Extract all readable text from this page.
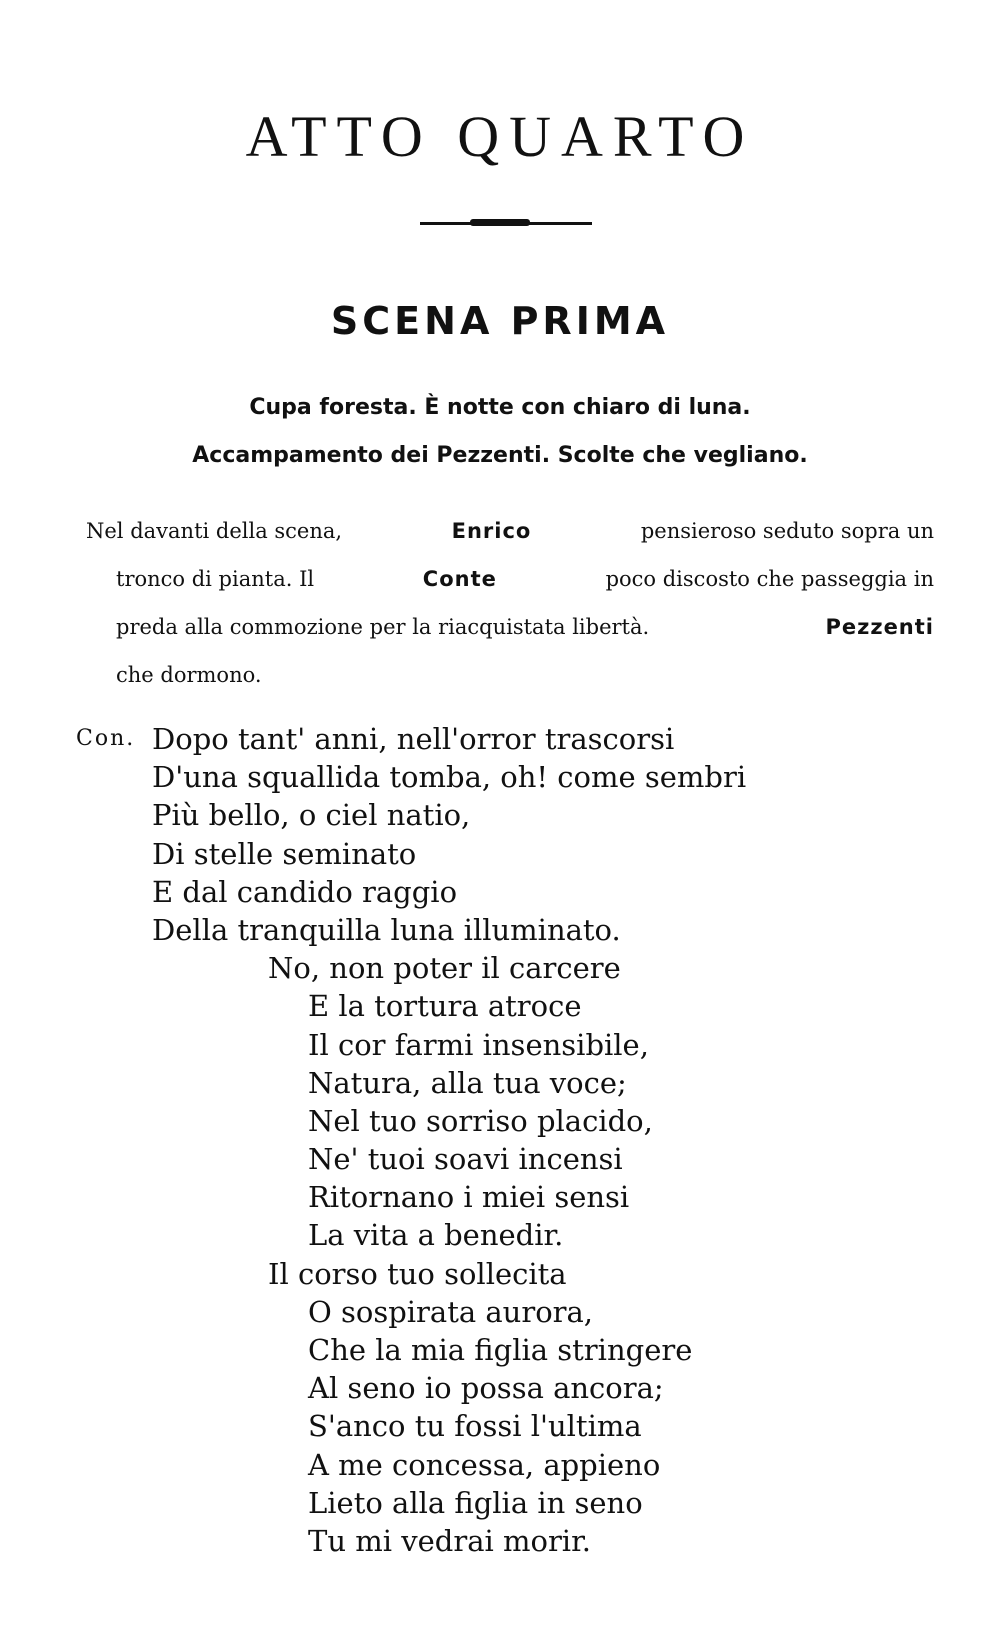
ATTO QUARTO
SCENA PRIMA
Cupa foresta. È notte con chiaro di luna.
Accampamento dei Pezzenti. Scolte che vegliano.
Nel davanti della scena,	Enrico	pensieroso seduto sopra un
tronco di pianta. Il	Conte	poco discosto che passeggia in
preda alla commozione per la riacquistata libertà.	Pezzenti
che dormono.
Con. Dopo tant' anni, nell'orror trascorsi
D'una squallida tomba, oh! come sembri
Più bello, o ciel natio,
Di stelle seminato
E dal candido raggio
Della tranquilla luna illuminato.
No, non poter il carcere
E la tortura atroce
Il cor farmi insensibile,
Natura, alla tua voce;
Nel tuo sorriso placido,
Ne' tuoi soavi incensi
Ritornano i miei sensi
La vita a benedir.
Il corso tuo sollecita
O sospirata aurora,
Che la mia figlia stringere
Al seno io possa ancora;
S'anco tu fossi l'ultima
A me concessa, appieno
Lieto alla figlia in seno
Tu mi vedrai morir.
